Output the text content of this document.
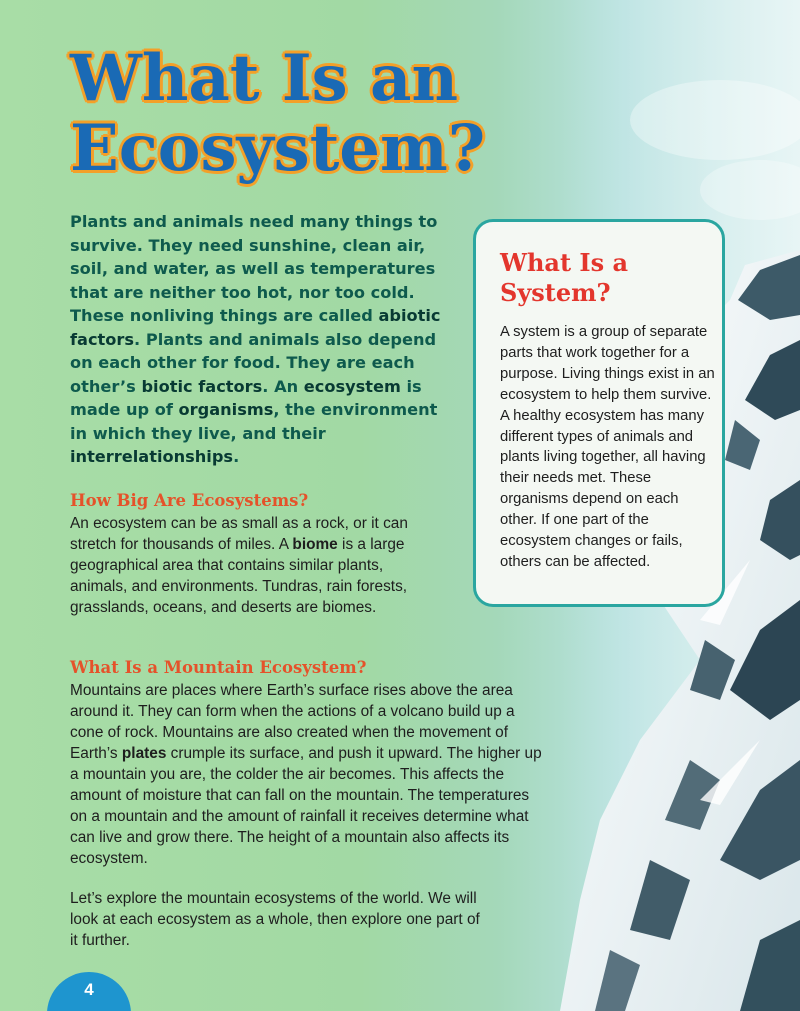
What Is an Ecosystem?

Plants and animals need many things to survive. They need sunshine, clean air, soil, and water, as well as temperatures that are neither too hot, nor too cold. These nonliving things are called abiotic factors. Plants and animals also depend on each other for food. They are each other’s biotic factors. An ecosystem is made up of organisms, the environment in which they live, and their interrelationships.

What Is a System?

A system is a group of separate parts that work together for a purpose. Living things exist in an ecosystem to help them survive. A healthy ecosystem has many different types of animals and plants living together, all having their needs met. These organisms depend on each other. If one part of the ecosystem changes or fails, others can be affected.

How Big Are Ecosystems?

An ecosystem can be as small as a rock, or it can stretch for thousands of miles. A biome is a large geographical area that contains similar plants, animals, and environments. Tundras, rain forests, grasslands, oceans, and deserts are biomes.

What Is a Mountain Ecosystem?

Mountains are places where Earth’s surface rises above the area around it. They can form when the actions of a volcano build up a cone of rock. Mountains are also created when the movement of Earth’s plates crumple its surface, and push it upward. The higher up a mountain you are, the colder the air becomes. This affects the amount of moisture that can fall on the mountain. The temperatures on a mountain and the amount of rainfall it receives determine what can live and grow there. The height of a mountain also affects its ecosystem.

Let’s explore the mountain ecosystems of the world. We will look at each ecosystem as a whole, then explore one part of it further.

4
